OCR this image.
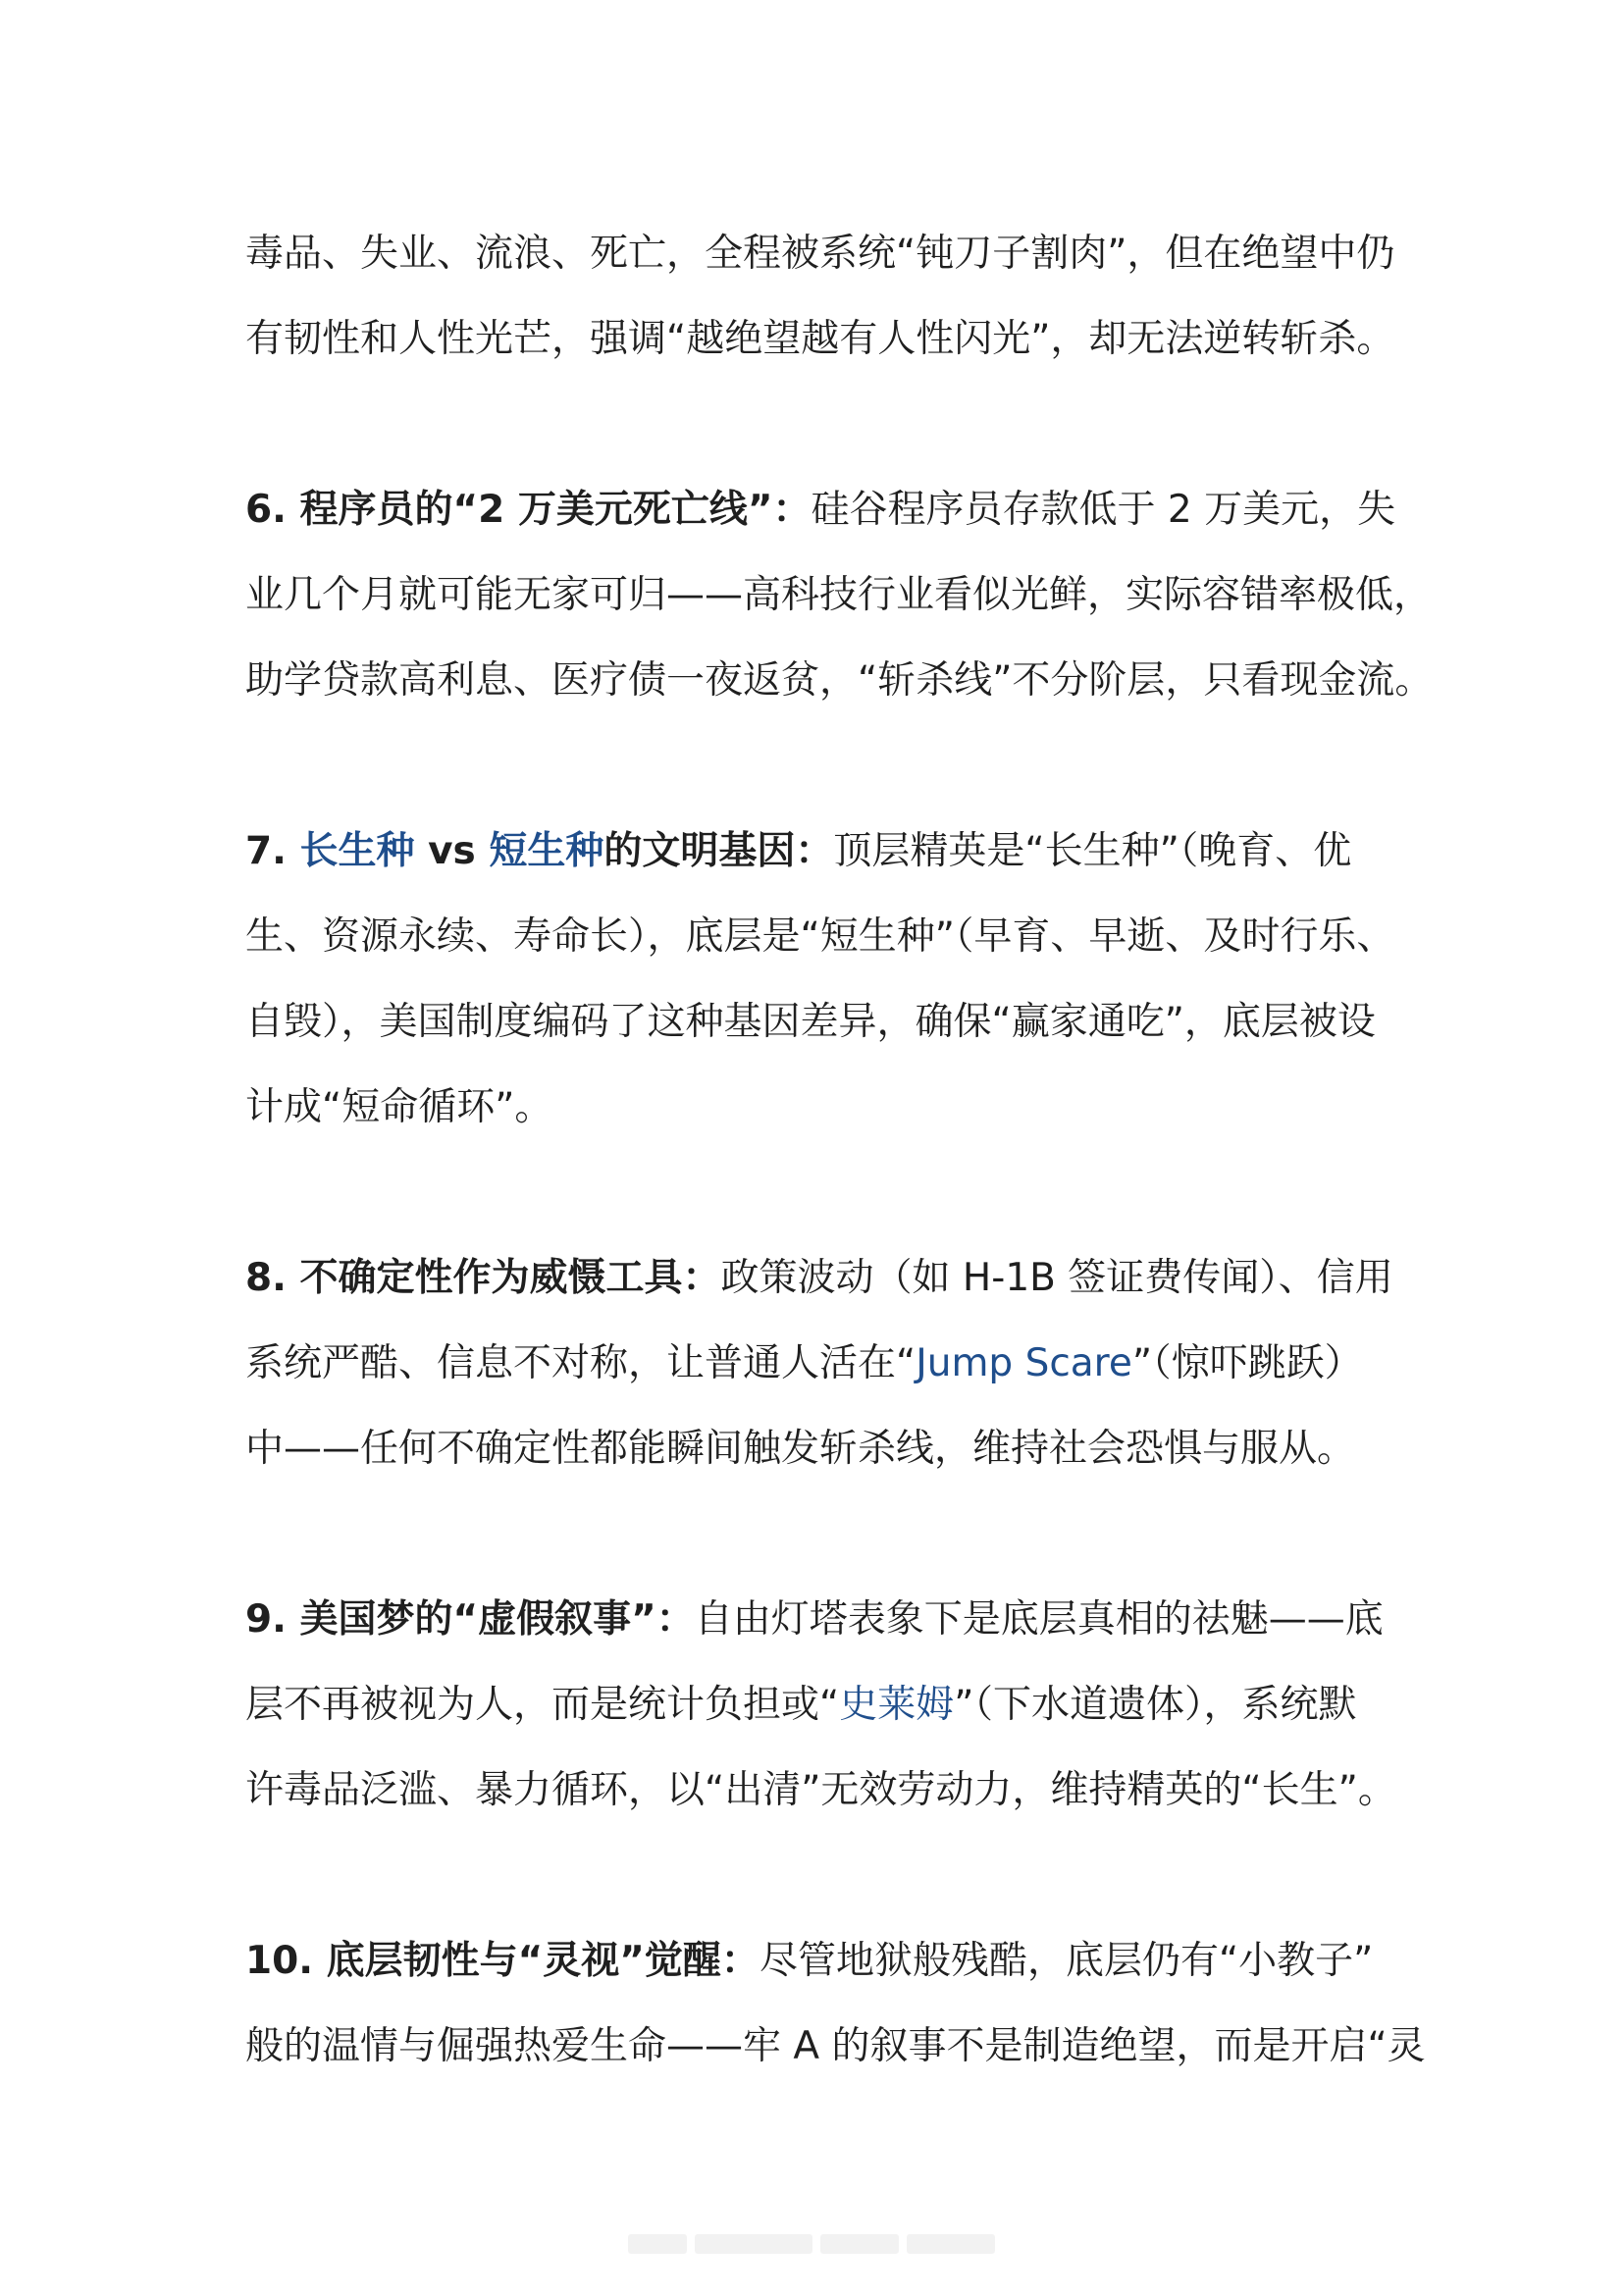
毒品、失业、流浪、死亡，全程被系统“钝刀子割肉”，但在绝望中仍

有韧性和人性光芒，强调“越绝望越有人性闪光”，却无法逆转斩杀。

6. 程序员的“2 万美元死亡线”：硅谷程序员存款低于 2 万美元，失

业几个月就可能无家可归——高科技行业看似光鲜，实际容错率极低，

助学贷款高利息、医疗债一夜返贫，“斩杀线”不分阶层，只看现金流。

7. 长生种 vs 短生种的文明基因：顶层精英是“长生种”（晚育、优

生、资源永续、寿命长），底层是“短生种”（早育、早逝、及时行乐、

自毁），美国制度编码了这种基因差异，确保“赢家通吃”，底层被设

计成“短命循环”。

8. 不确定性作为威慑工具：政策波动（如 H-1B 签证费传闻）、信用

系统严酷、信息不对称，让普通人活在“Jump Scare”（惊吓跳跃）

中——任何不确定性都能瞬间触发斩杀线，维持社会恐惧与服从。

9. 美国梦的“虚假叙事”：自由灯塔表象下是底层真相的祛魅——底

层不再被视为人，而是统计负担或“史莱姆”（下水道遗体），系统默

许毒品泛滥、暴力循环，以“出清”无效劳动力，维持精英的“长生”。

10. 底层韧性与“灵视”觉醒：尽管地狱般残酷，底层仍有“小教子”

般的温情与倔强热爱生命——牢 A 的叙事不是制造绝望，而是开启“灵
